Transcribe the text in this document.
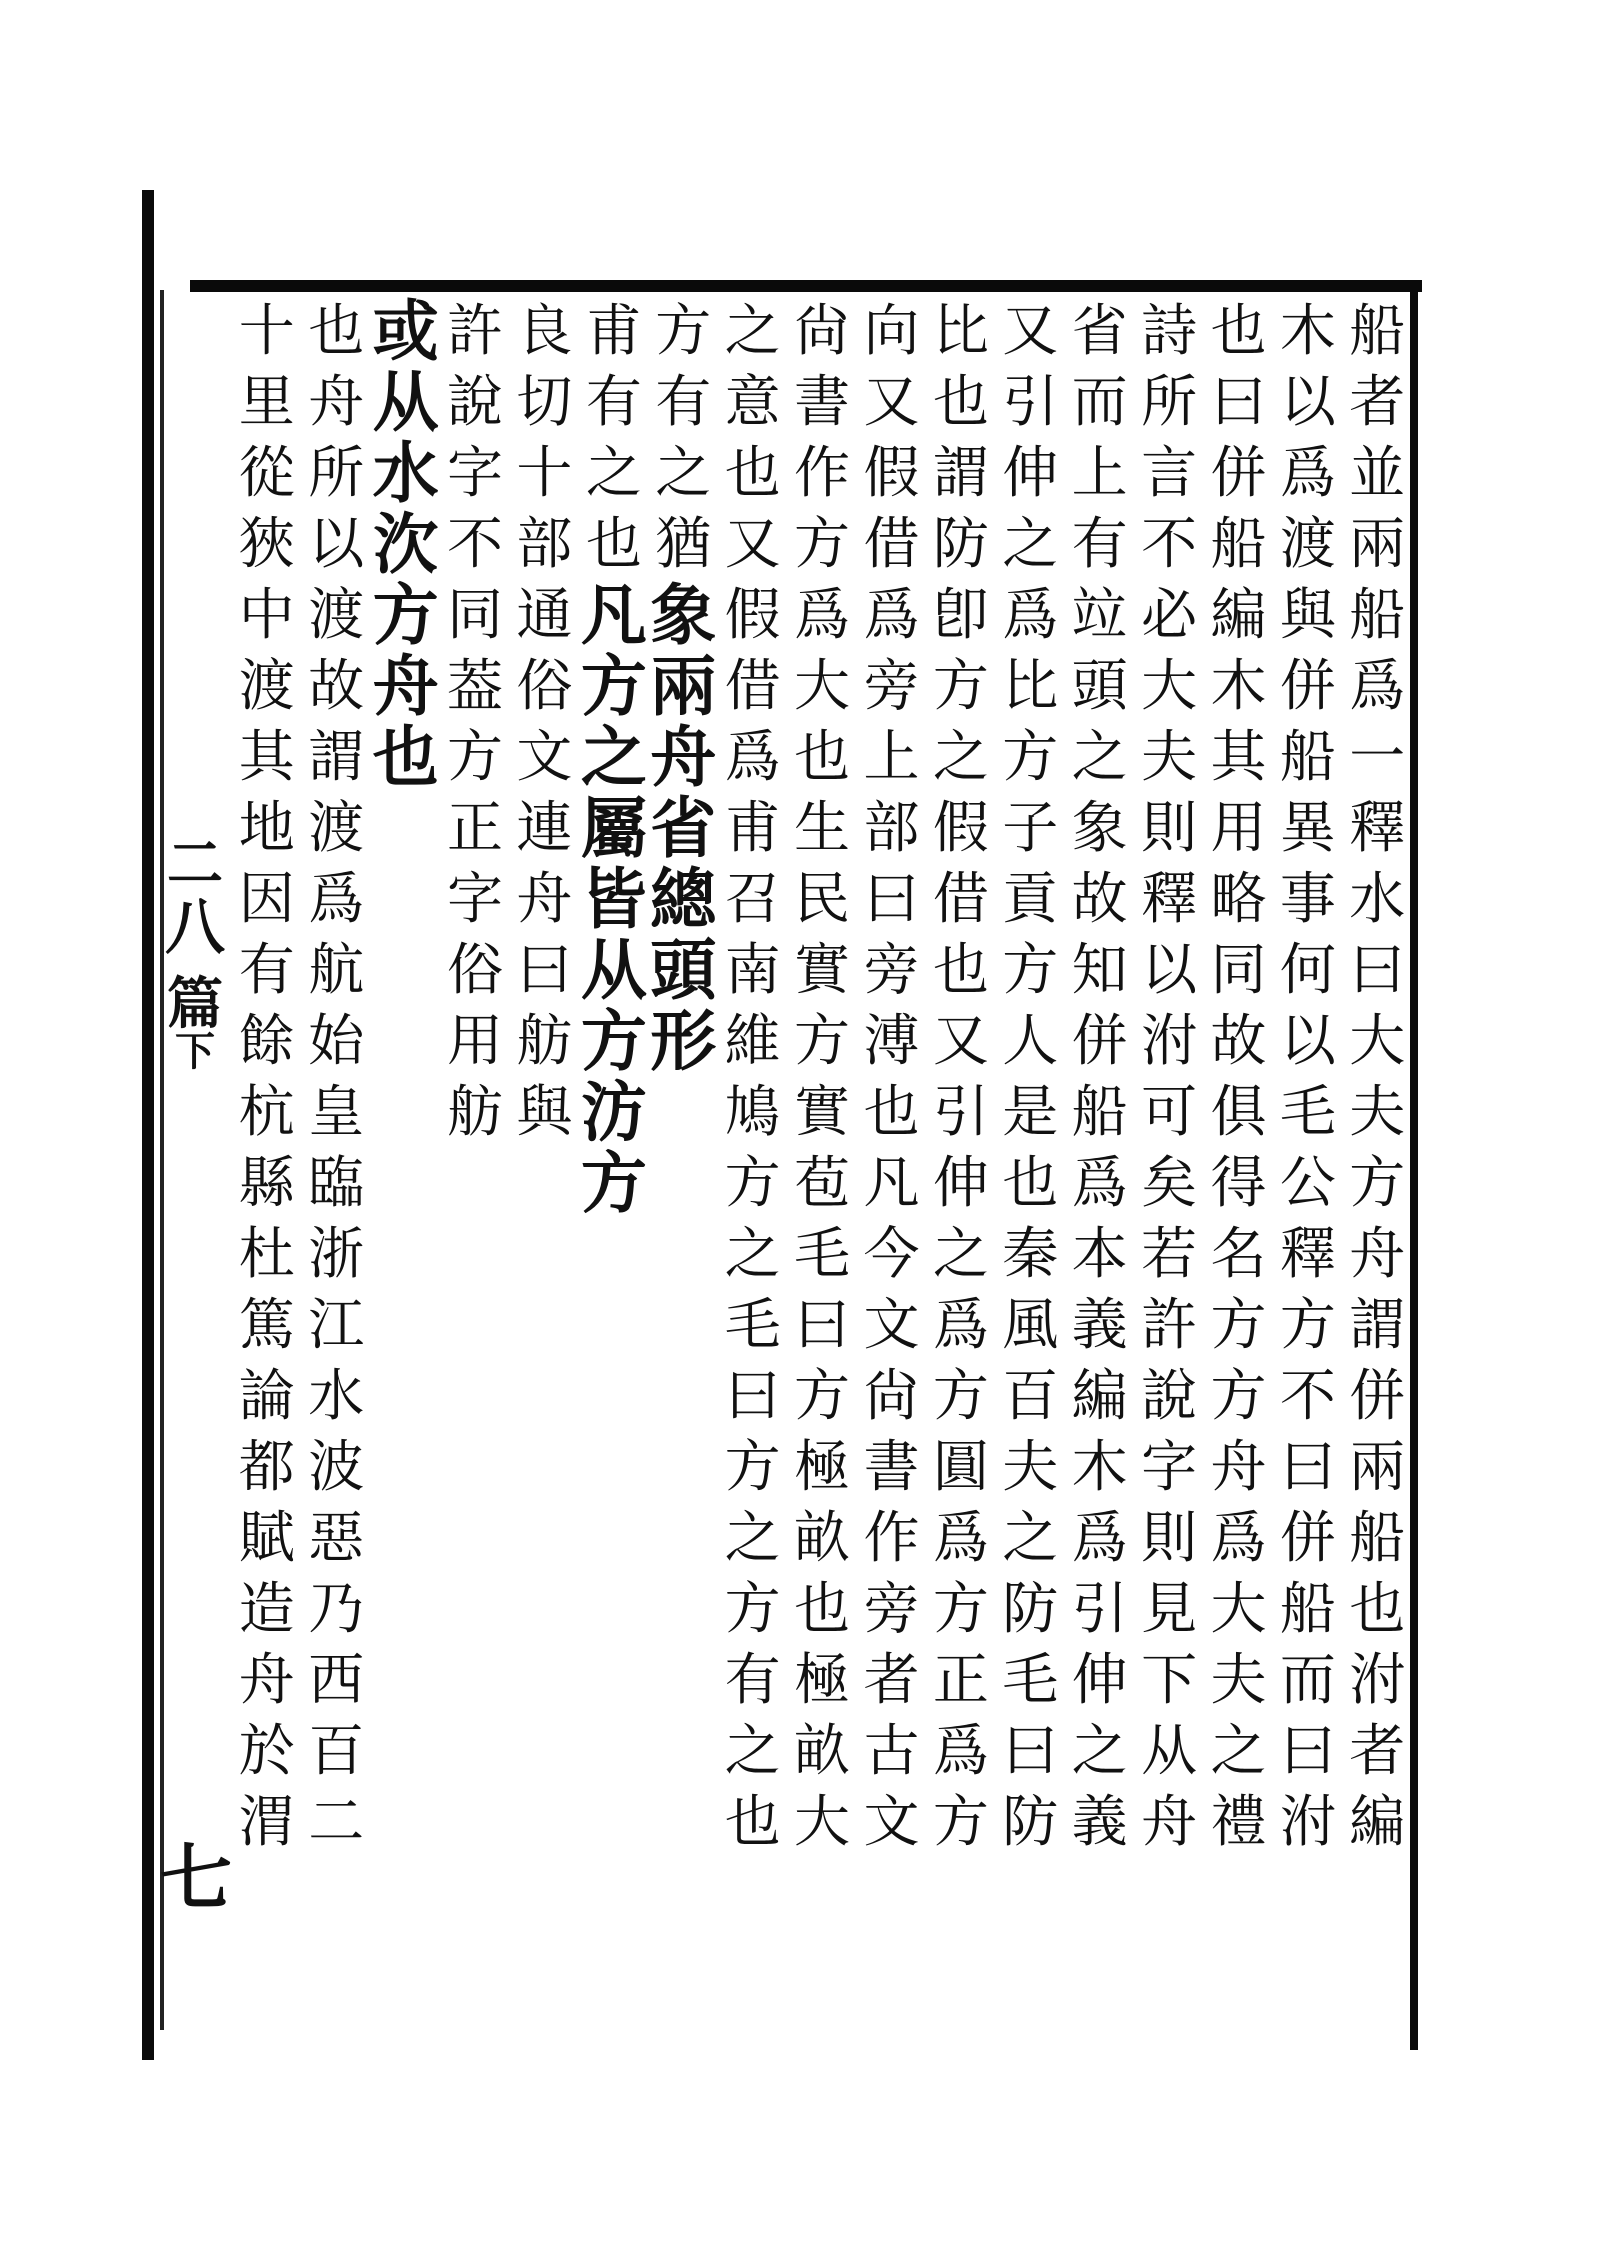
二
八
篇
下
七
船
者
並
兩
船
爲
一
釋
水
曰
大
夫
方
舟
謂
併
兩
船
也
泭
者
編
木
以
爲
渡
與
併
船
異
事
何
以
毛
公
釋
方
不
曰
併
船
而
曰
泭
也
曰
併
船
編
木
其
用
略
同
故
俱
得
名
方
方
舟
爲
大
夫
之
禮
詩
所
言
不
必
大
夫
則
釋
以
泭
可
矣
若
許
說
字
則
見
下
从
舟
省
而
上
有
竝
頭
之
象
故
知
併
船
爲
本
義
編
木
爲
引
伸
之
義
又
引
伸
之
爲
比
方
子
貢
方
人
是
也
秦
風
百
夫
之
防
毛
曰
防
比
也
謂
防
卽
方
之
假
借
也
又
引
伸
之
爲
方
圓
爲
方
正
爲
方
向
又
假
借
爲
旁
上
部
曰
旁
溥
也
凡
今
文
尙
書
作
旁
者
古
文
尙
書
作
方
爲
大
也
生
民
實
方
實
苞
毛
曰
方
極
畝
也
極
畝
大
之
意
也
又
假
借
爲
甫
召
南
維
鳩
方
之
毛
曰
方
之
方
有
之
也
方
有
之
猶
象
兩
舟
省
總
頭
形
甫
有
之
也
凡
方
之
屬
皆
从
方
汸
方
良
切
十
部
通
俗
文
連
舟
曰
舫
與
許
說
字
不
同
葢
方
正
字
俗
用
舫
或
从
水
㳄
方
舟
也
也
舟
所
以
渡
故
謂
渡
爲
航
始
皇
臨
浙
江
水
波
惡
乃
西
百
二
十
里
從
狹
中
渡
其
地
因
有
餘
杭
縣
杜
篤
論
都
賦
造
舟
於
渭
